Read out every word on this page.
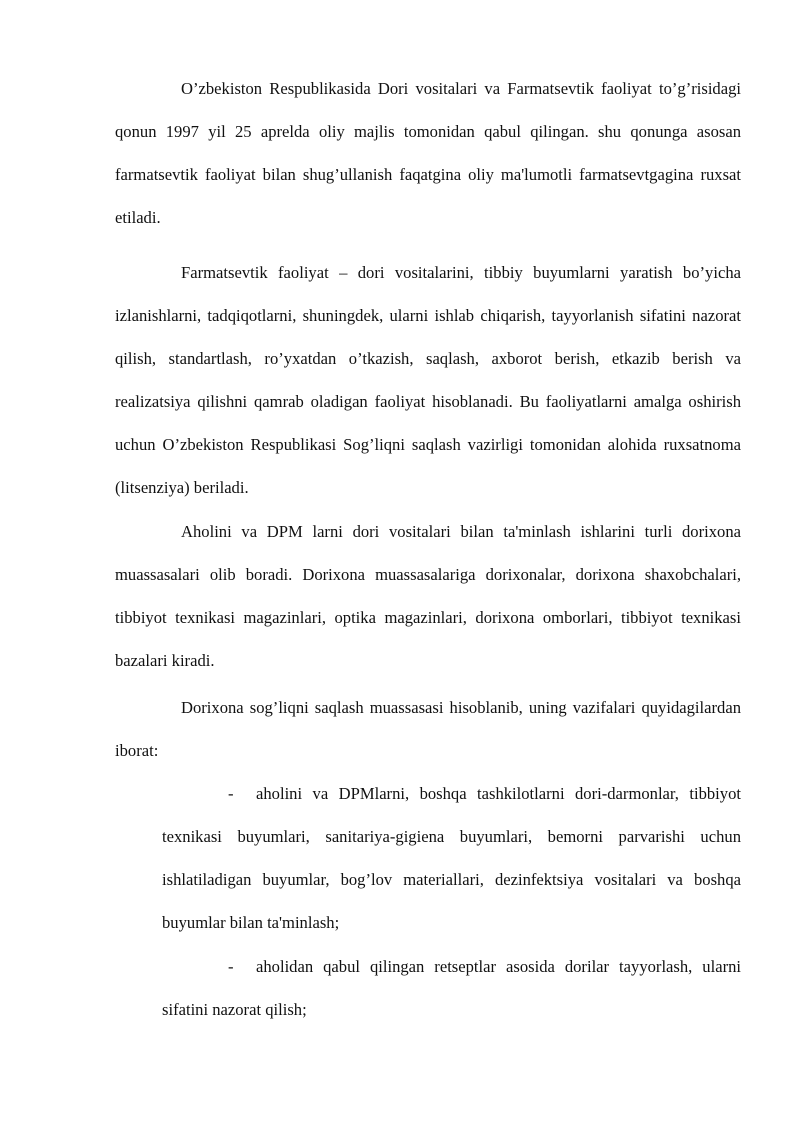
O’zbekiston Respublikasida Dori vositalari va Farmatsevtik faoliyat to’g’risidagi qonun 1997 yil 25 aprelda oliy majlis tomonidan qabul qilingan. shu qonunga asosan farmatsevtik faoliyat bilan shug’ullanish faqatgina oliy ma'lumotli farmatsevtgagina ruxsat etiladi.

Farmatsevtik faoliyat – dori vositalarini, tibbiy buyumlarni yaratish bo’yicha izlanishlarni, tadqiqotlarni, shuningdek, ularni ishlab chiqarish, tayyorlanish sifatini nazorat qilish, standartlash, ro’yxatdan o’tkazish, saqlash, axborot berish, etkazib berish va realizatsiya qilishni qamrab oladigan faoliyat hisoblanadi. Bu faoliyatlarni amalga oshirish uchun O’zbekiston Respublikasi Sog’liqni saqlash vazirligi tomonidan alohida ruxsatnoma (litsenziya) beriladi.

Aholini va DPM larni dori vositalari bilan ta'minlash ishlarini turli dorixona muassasalari olib boradi. Dorixona muassasalariga dorixonalar, dorixona shaxobchalari, tibbiyot texnikasi magazinlari, optika magazinlari, dorixona omborlari, tibbiyot texnikasi bazalari kiradi.

Dorixona sog’liqni saqlash muassasasi hisoblanib, uning vazifalari quyidagilardan iborat:

- aholini va DPMlarni, boshqa tashkilotlarni dori-darmonlar, tibbiyot texnikasi buyumlari, sanitariya-gigiena buyumlari, bemorni parvarishi uchun ishlatiladigan buyumlar, bog’lov materiallari, dezinfektsiya vositalari va boshqa buyumlar bilan ta'minlash;

- aholidan qabul qilingan retseptlar asosida dorilar tayyorlash, ularni sifatini nazorat qilish;
